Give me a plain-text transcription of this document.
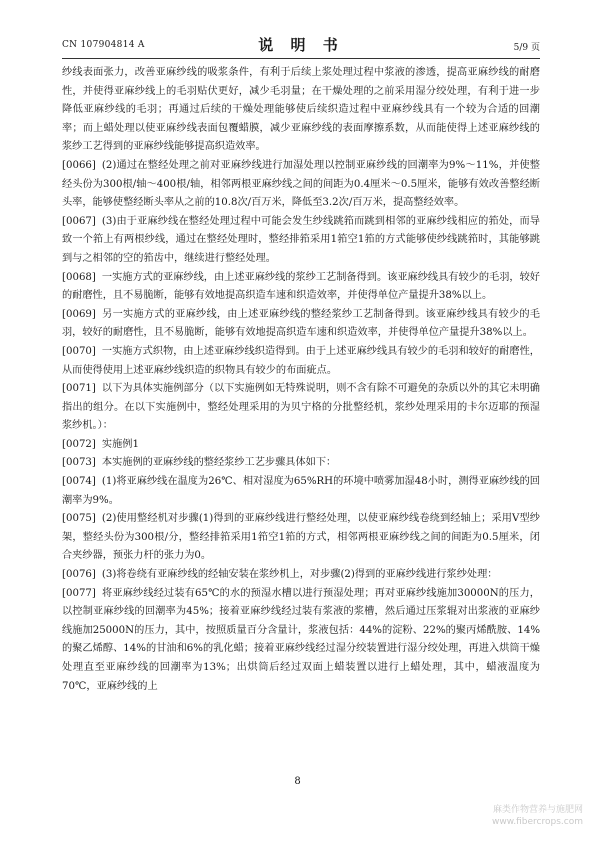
CN 107904814 A	说 明 书	5/9 页

纱线表面张力，改善亚麻纱线的吸浆条件，有利于后续上浆处理过程中浆液的渗透，提高亚麻纱线的耐磨性，并使得亚麻纱线上的毛羽贴伏更好，减少毛羽量；在干燥处理的之前采用湿分绞处理，有利于进一步降低亚麻纱线的毛羽；再通过后续的干燥处理能够使后续织造过程中亚麻纱线具有一个较为合适的回潮率；而上蜡处理以使亚麻纱线表面包覆蜡膜，减少亚麻纱线的表面摩擦系数，从而能使得上述亚麻纱线的浆纱工艺得到的亚麻纱线能够提高织造效率。

[0066] (2)通过在整经处理之前对亚麻纱线进行加湿处理以控制亚麻纱线的回潮率为9%～11%，并使整经头份为300根/轴～400根/轴，相邻两根亚麻纱线之间的间距为0.4厘米～0.5厘米，能够有效改善整经断头率，能够使整经断头率从之前的10.8次/百万米，降低至3.2次/百万米，提高整经效率。

[0067] (3)由于亚麻纱线在整经处理过程中可能会发生纱线跳筘而跳到相邻的亚麻纱线相应的筘处，而导致一个筘上有两根纱线，通过在整经处理时，整经排筘采用1筘空1筘的方式能够使纱线跳筘时，其能够跳到与之相邻的空的筘齿中，继续进行整经处理。

[0068] 一实施方式的亚麻纱线，由上述亚麻纱线的浆纱工艺制备得到。该亚麻纱线具有较少的毛羽，较好的耐磨性，且不易脆断，能够有效地提高织造车速和织造效率，并使得单位产量提升38%以上。

[0069] 另一实施方式的亚麻纱线，由上述亚麻纱线的整经浆纱工艺制备得到。该亚麻纱线具有较少的毛羽，较好的耐磨性，且不易脆断，能够有效地提高织造车速和织造效率，并使得单位产量提升38%以上。

[0070] 一实施方式织物，由上述亚麻纱线织造得到。由于上述亚麻纱线具有较少的毛羽和较好的耐磨性，从而使得使用上述亚麻纱线织造的织物具有较少的布面疵点。

[0071] 以下为具体实施例部分（以下实施例如无特殊说明，则不含有除不可避免的杂质以外的其它未明确指出的组分。在以下实施例中，整经处理采用的为贝宁格的分批整经机，浆纱处理采用的卡尔迈耶的预湿浆纱机。）：

[0072] 实施例1

[0073] 本实施例的亚麻纱线的整经浆纱工艺步骤具体如下：

[0074] (1)将亚麻纱线在温度为26℃、相对湿度为65%RH的环境中喷雾加湿48小时，测得亚麻纱线的回潮率为9%。

[0075] (2)使用整经机对步骤(1)得到的亚麻纱线进行整经处理，以使亚麻纱线卷绕到经轴上；采用V型纱架，整经头份为300根/分，整经排筘采用1筘空1筘的方式，相邻两根亚麻纱线之间的间距为0.5厘米，闭合夹纱器，预张力杆的张力为0。

[0076] (3)将卷绕有亚麻纱线的经轴安装在浆纱机上，对步骤(2)得到的亚麻纱线进行浆纱处理：

[0077] 将亚麻纱线经过装有65℃的水的预湿水槽以进行预湿处理；再对亚麻纱线施加30000N的压力，以控制亚麻纱线的回潮率为45%；接着亚麻纱线经过装有浆液的浆槽，然后通过压浆辊对出浆液的亚麻纱线施加25000N的压力，其中，按照质量百分含量计，浆液包括：44%的淀粉、22%的聚丙烯酰胺、14%的聚乙烯醇、14%的甘油和6%的乳化蜡；接着亚麻纱线经过湿分绞装置进行湿分绞处理，再进入烘筒干燥处理直至亚麻纱线的回潮率为13%；出烘筒后经过双面上蜡装置以进行上蜡处理，其中，蜡液温度为70℃，亚麻纱线的上

8
麻类作物营养与施肥网
www.fibercrops.com
